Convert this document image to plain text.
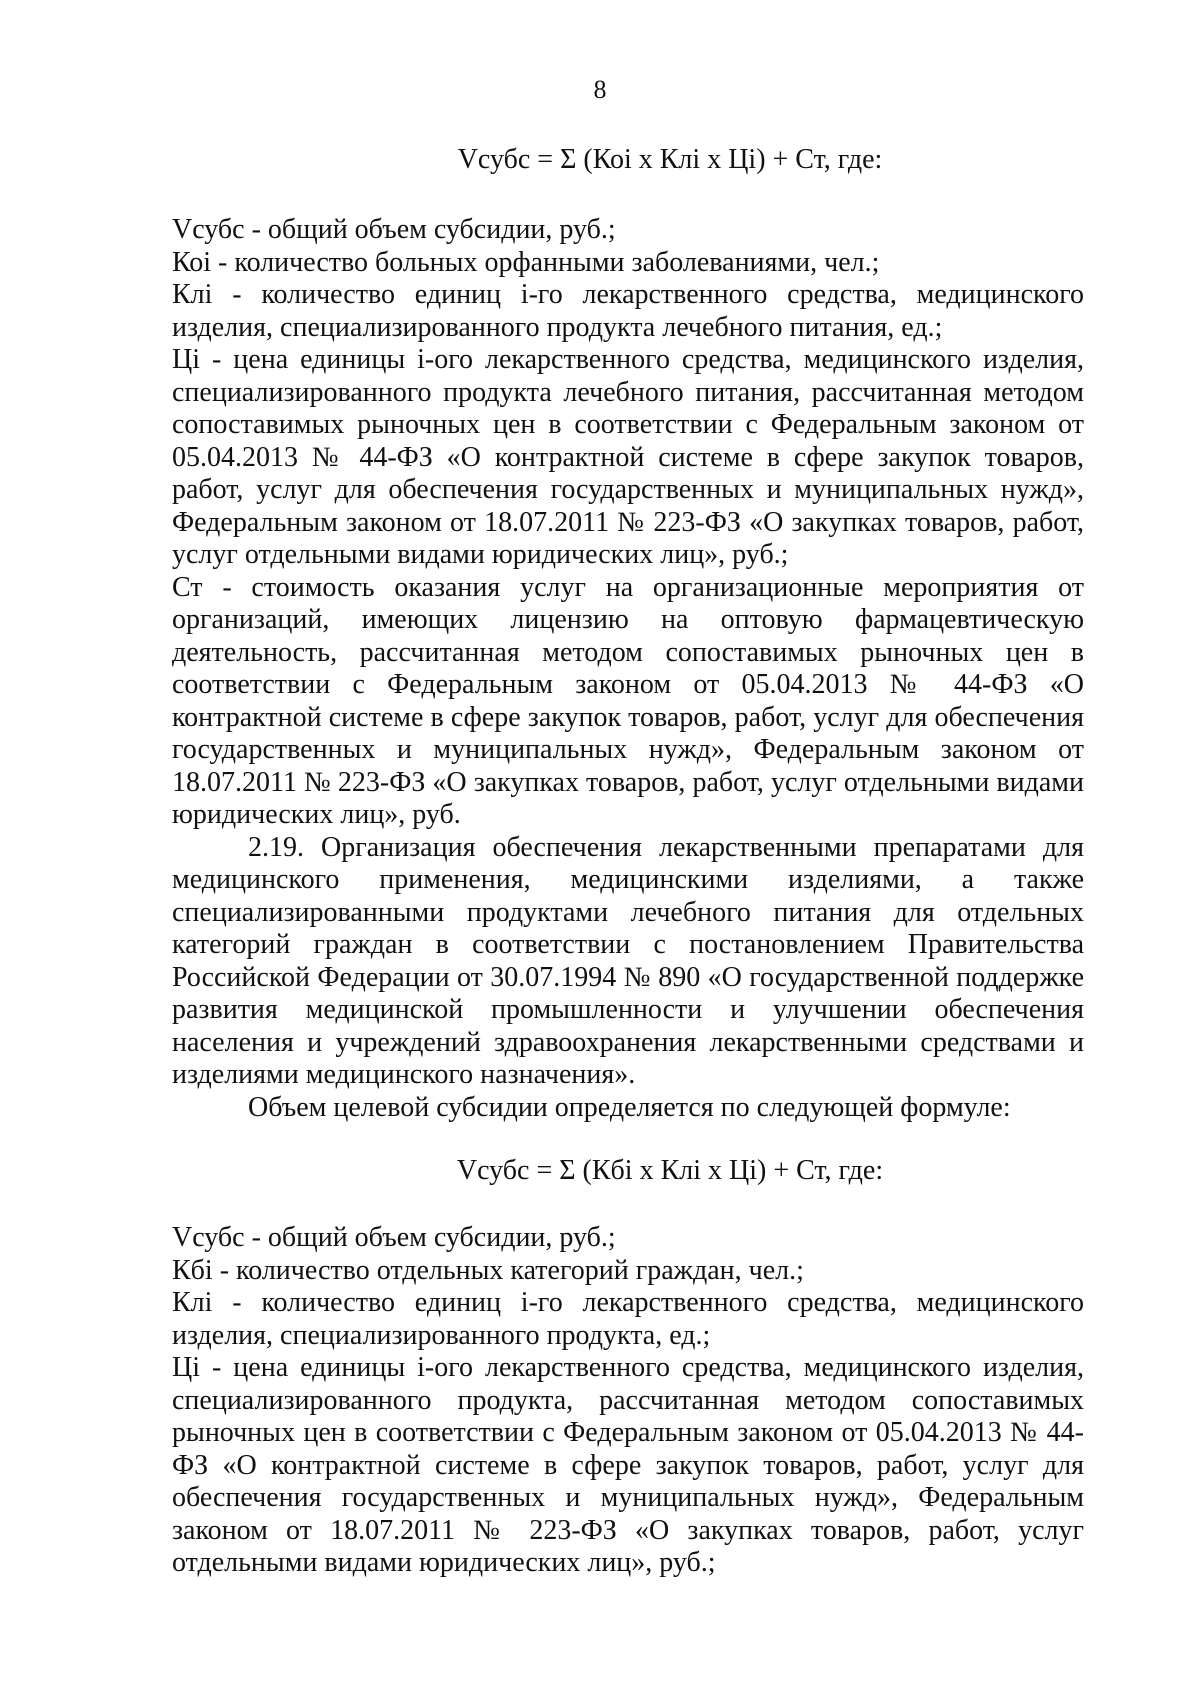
8
Vсубс = Σ (Коi х Клi х Цi) + Ст, где:

Vсубс - общий объем субсидии, руб.;

Коi - количество больных орфанными заболеваниями, чел.;

Клi - количество единиц i-го лекарственного средства, медицинского изделия, специализированного продукта лечебного питания, ед.;

Цi - цена единицы i-ого лекарственного средства, медицинского изделия, специализированного продукта лечебного питания, рассчитанная методом сопоставимых рыночных цен в соответствии с Федеральным законом от 05.04.2013 № 44-ФЗ «О контрактной системе в сфере закупок товаров, работ, услуг для обеспечения государственных и муниципальных нужд», Федеральным законом от 18.07.2011 № 223-ФЗ «О закупках товаров, работ, услуг отдельными видами юридических лиц», руб.;

Ст - стоимость оказания услуг на организационные мероприятия от организаций, имеющих лицензию на оптовую фармацевтическую деятельность, рассчитанная методом сопоставимых рыночных цен в соответствии с Федеральным законом от 05.04.2013 № 44-ФЗ «О контрактной системе в сфере закупок товаров, работ, услуг для обеспечения государственных и муниципальных нужд», Федеральным законом от 18.07.2011 № 223-ФЗ «О закупках товаров, работ, услуг отдельными видами юридических лиц», руб.

2.19. Организация обеспечения лекарственными препаратами для медицинского применения, медицинскими изделиями, а также специализированными продуктами лечебного питания для отдельных категорий граждан в соответствии с постановлением Правительства Российской Федерации от 30.07.1994 № 890 «О государственной поддержке развития медицинской промышленности и улучшении обеспечения населения и учреждений здравоохранения лекарственными средствами и изделиями медицинского назначения».

Объем целевой субсидии определяется по следующей формуле:

Vсубс = Σ (Кбi х Клi х Цi) + Ст, где:

Vсубс - общий объем субсидии, руб.;

Кбi - количество отдельных категорий граждан, чел.;

Клi - количество единиц i-го лекарственного средства, медицинского изделия, специализированного продукта, ед.;

Цi - цена единицы i-ого лекарственного средства, медицинского изделия, специализированного продукта, рассчитанная методом сопоставимых рыночных цен в соответствии с Федеральным законом от 05.04.2013 № 44-ФЗ «О контрактной системе в сфере закупок товаров, работ, услуг для обеспечения государственных и муниципальных нужд», Федеральным законом от 18.07.2011 № 223-ФЗ «О закупках товаров, работ, услуг отдельными видами юридических лиц», руб.;
